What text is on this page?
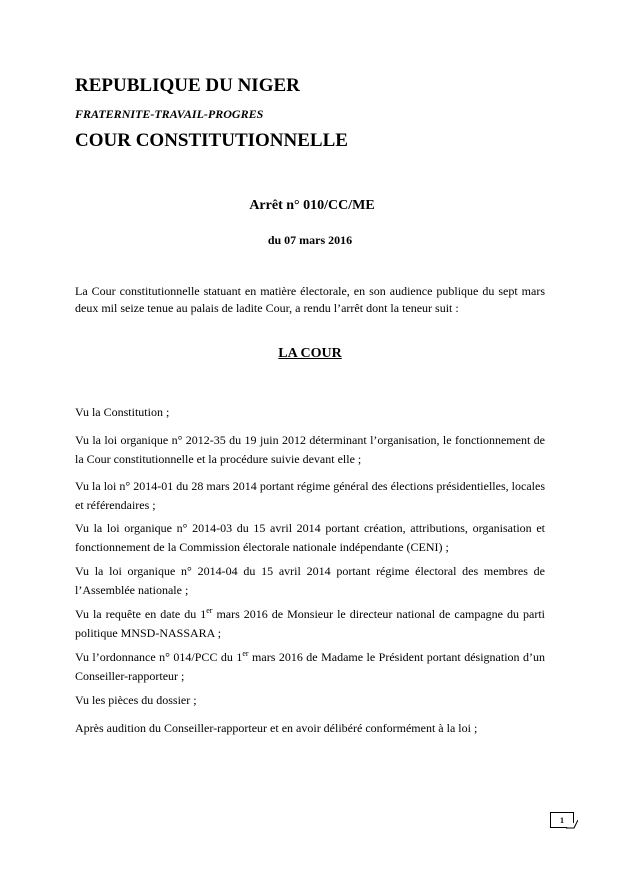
REPUBLIQUE DU NIGER
FRATERNITE-TRAVAIL-PROGRES
COUR CONSTITUTIONNELLE
Arrêt n° 010/CC/ME
du 07 mars 2016

La Cour constitutionnelle statuant en matière électorale, en son audience publique du sept mars deux mil seize tenue au palais de ladite Cour, a rendu l’arrêt dont la teneur suit :

LA COUR

Vu la Constitution ;

Vu la loi organique n° 2012-35 du 19 juin 2012 déterminant l’organisation, le fonctionnement de la Cour constitutionnelle et la procédure suivie devant elle ;

Vu la loi n° 2014-01 du 28 mars 2014 portant régime général des élections présidentielles, locales et référendaires ;

Vu la loi organique n° 2014-03 du 15 avril 2014 portant création, attributions, organisation et fonctionnement de la Commission électorale nationale indépendante (CENI) ;

Vu la loi organique n° 2014-04 du 15 avril 2014 portant régime électoral des membres de l’Assemblée nationale ;

Vu la requête en date du 1er mars 2016 de Monsieur le directeur national de campagne du parti politique MNSD-NASSARA ;

Vu l’ordonnance n° 014/PCC du 1er mars 2016 de Madame le Président portant désignation d’un Conseiller-rapporteur ;

Vu les pièces du dossier ;

Après audition du Conseiller-rapporteur et en avoir délibéré conformément à la loi ;

1
